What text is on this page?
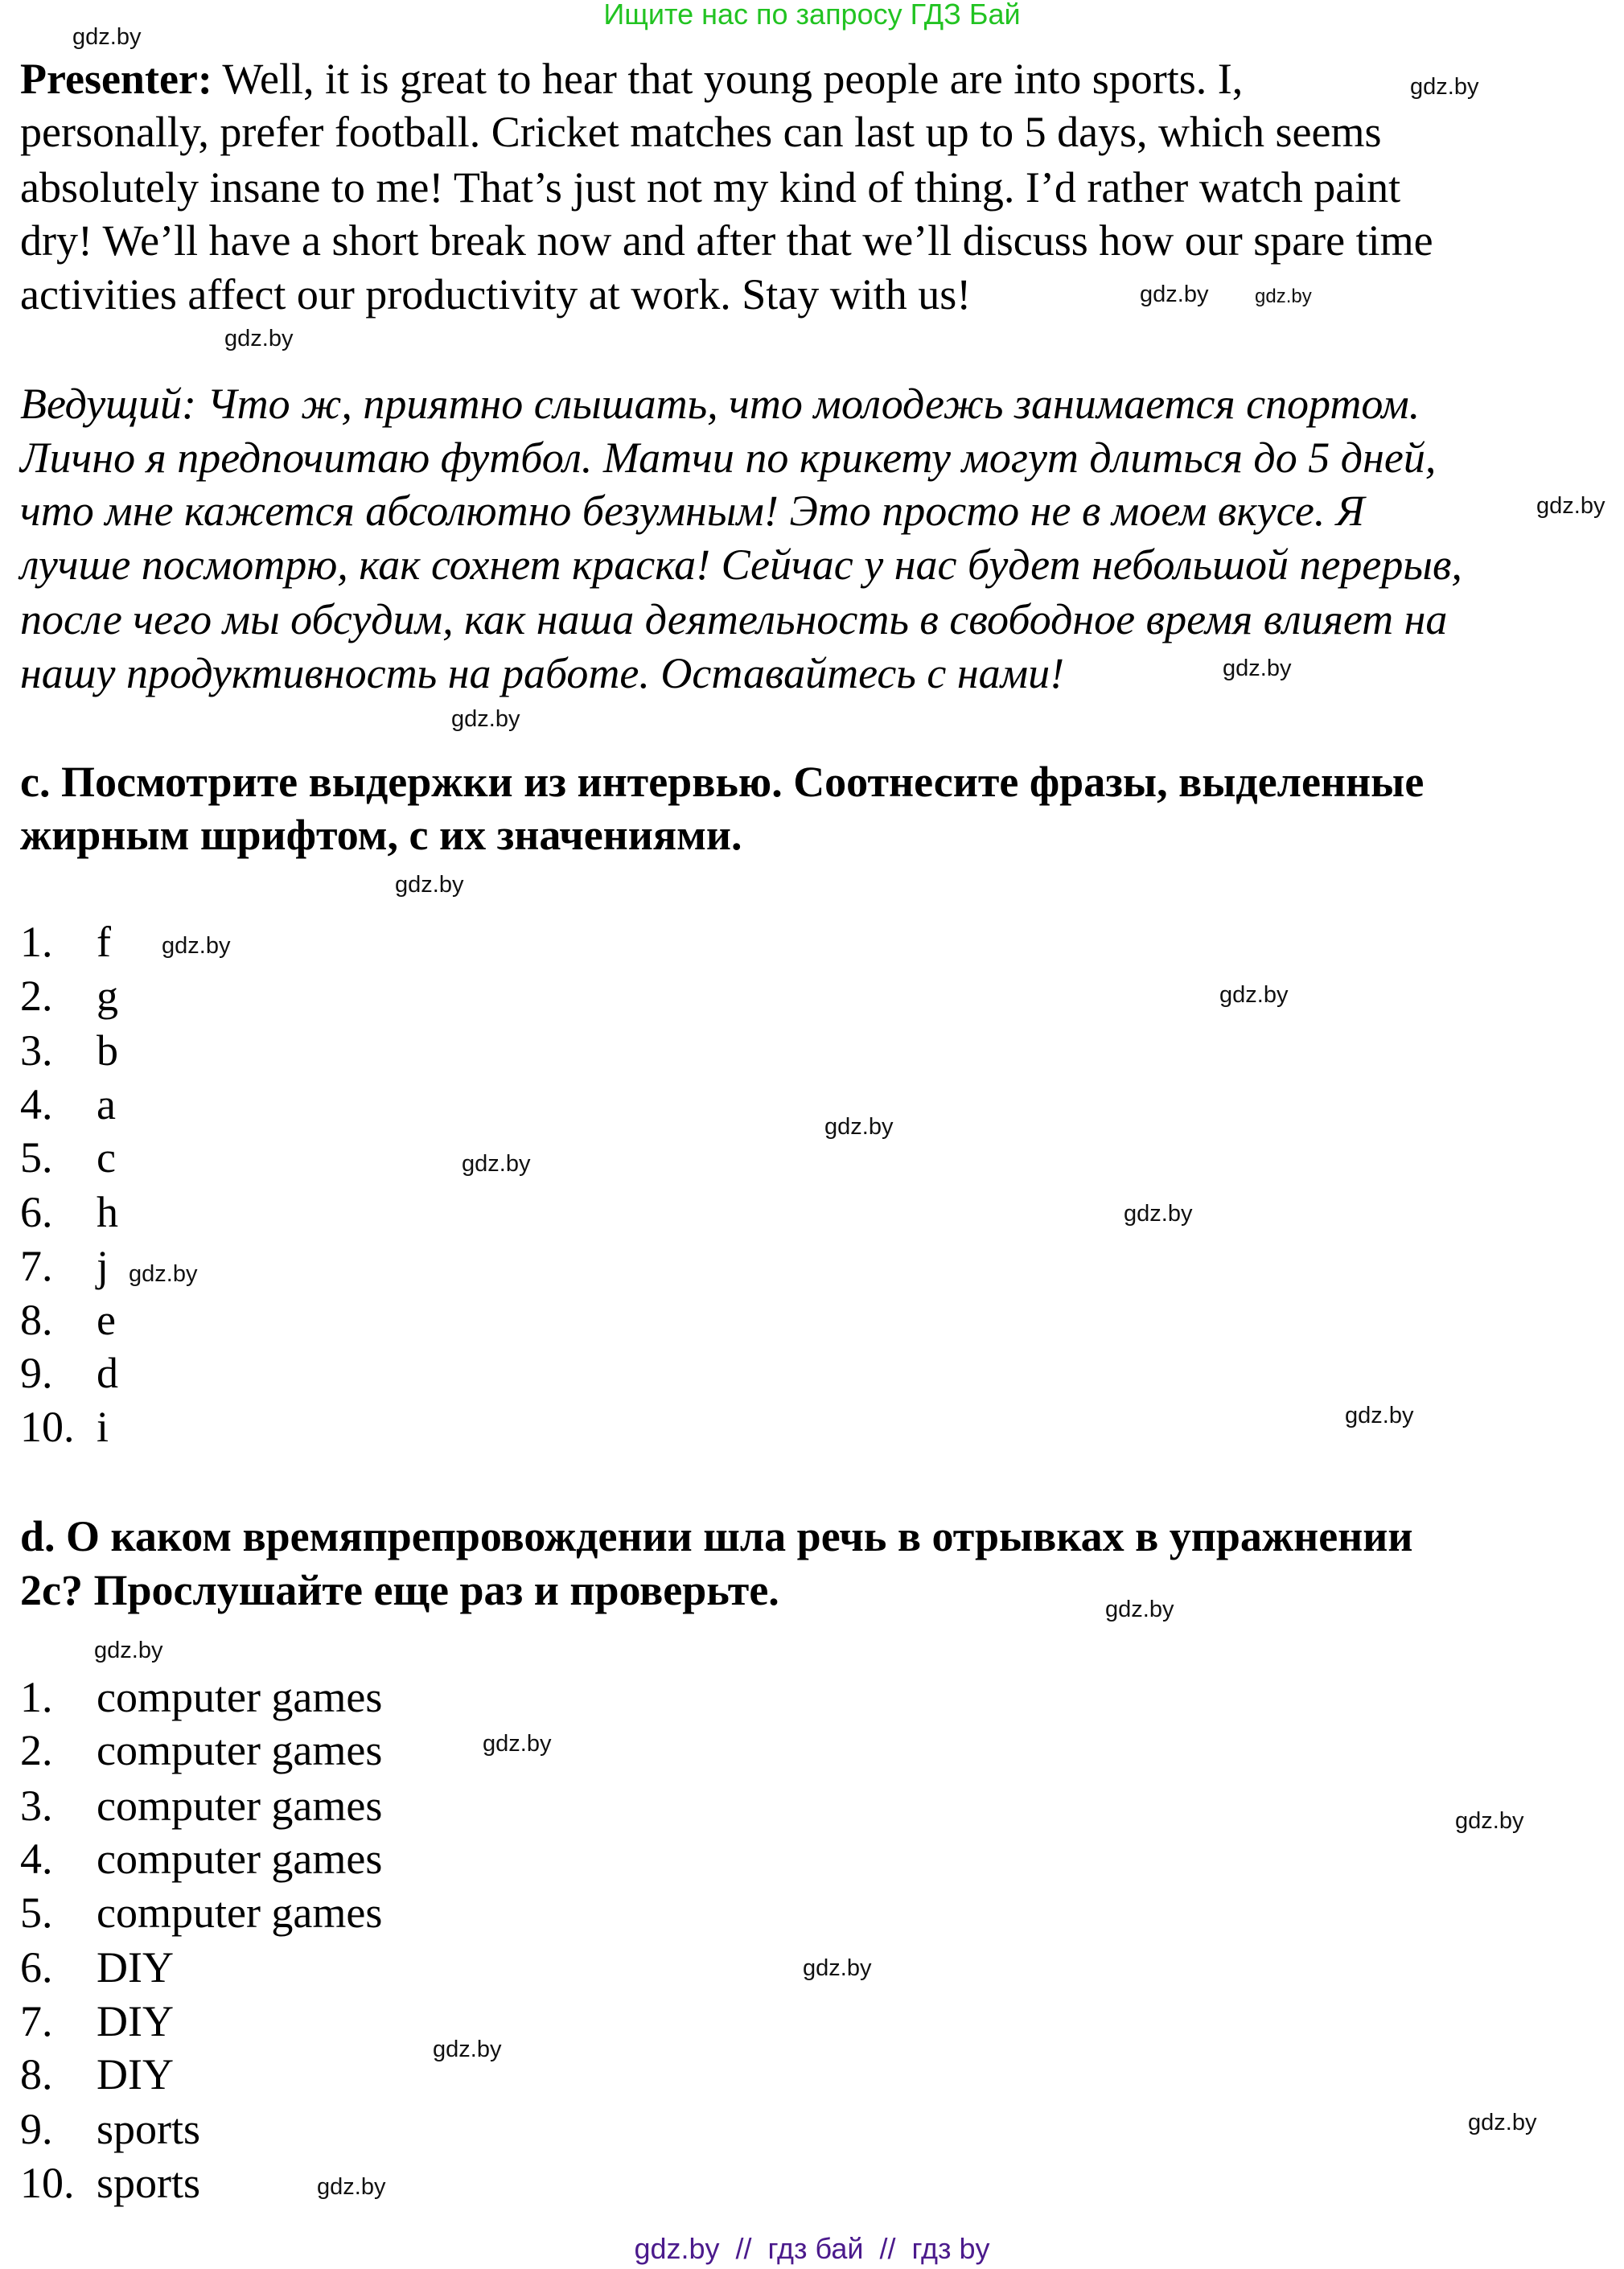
Ищите нас по запросу ГДЗ Бай
Presenter: Well, it is great to hear that young people are into sports. I,
personally, prefer football. Cricket matches can last up to 5 days, which seems
absolutely insane to me! That’s just not my kind of thing. I’d rather watch paint
dry! We’ll have a short break now and after that we’ll discuss how our spare time
activities affect our productivity at work. Stay with us!
Ведущий: Что ж, приятно слышать, что молодежь занимается спортом.
Лично я предпочитаю футбол. Матчи по крикету могут длиться до 5 дней,
что мне кажется абсолютно безумным! Это просто не в моем вкусе. Я
лучше посмотрю, как сохнет краска! Сейчас у нас будет небольшой перерыв,
после чего мы обсудим, как наша деятельность в свободное время влияет на
нашу продуктивность на работе. Оставайтесь с нами!
c. Посмотрите выдержки из интервью. Соотнесите фразы, выделенные
жирным шрифтом, с их значениями.
1. f
2. g
3. b
4. a
5. c
6. h
7. j
8. e
9. d
10. i
d. О каком времяпрепровождении шла речь в отрывках в упражнении
2c? Прослушайте еще раз и проверьте.
1. computer games
2. computer games
3. computer games
4. computer games
5. computer games
6. DIY
7. DIY
8. DIY
9. sports
10. sports
gdz.by
gdz.by
gdz.by
gdz.by
gdz.by
gdz.by
gdz.by
gdz.by
gdz.by
gdz.by
gdz.by
gdz.by
gdz.by
gdz.by
gdz.by
gdz.by
gdz.by
gdz.by
gdz.by
gdz.by
gdz.by
gdz.by
gdz.by
gdz.by
gdz.by  //  гдз бай  //  гдз by
